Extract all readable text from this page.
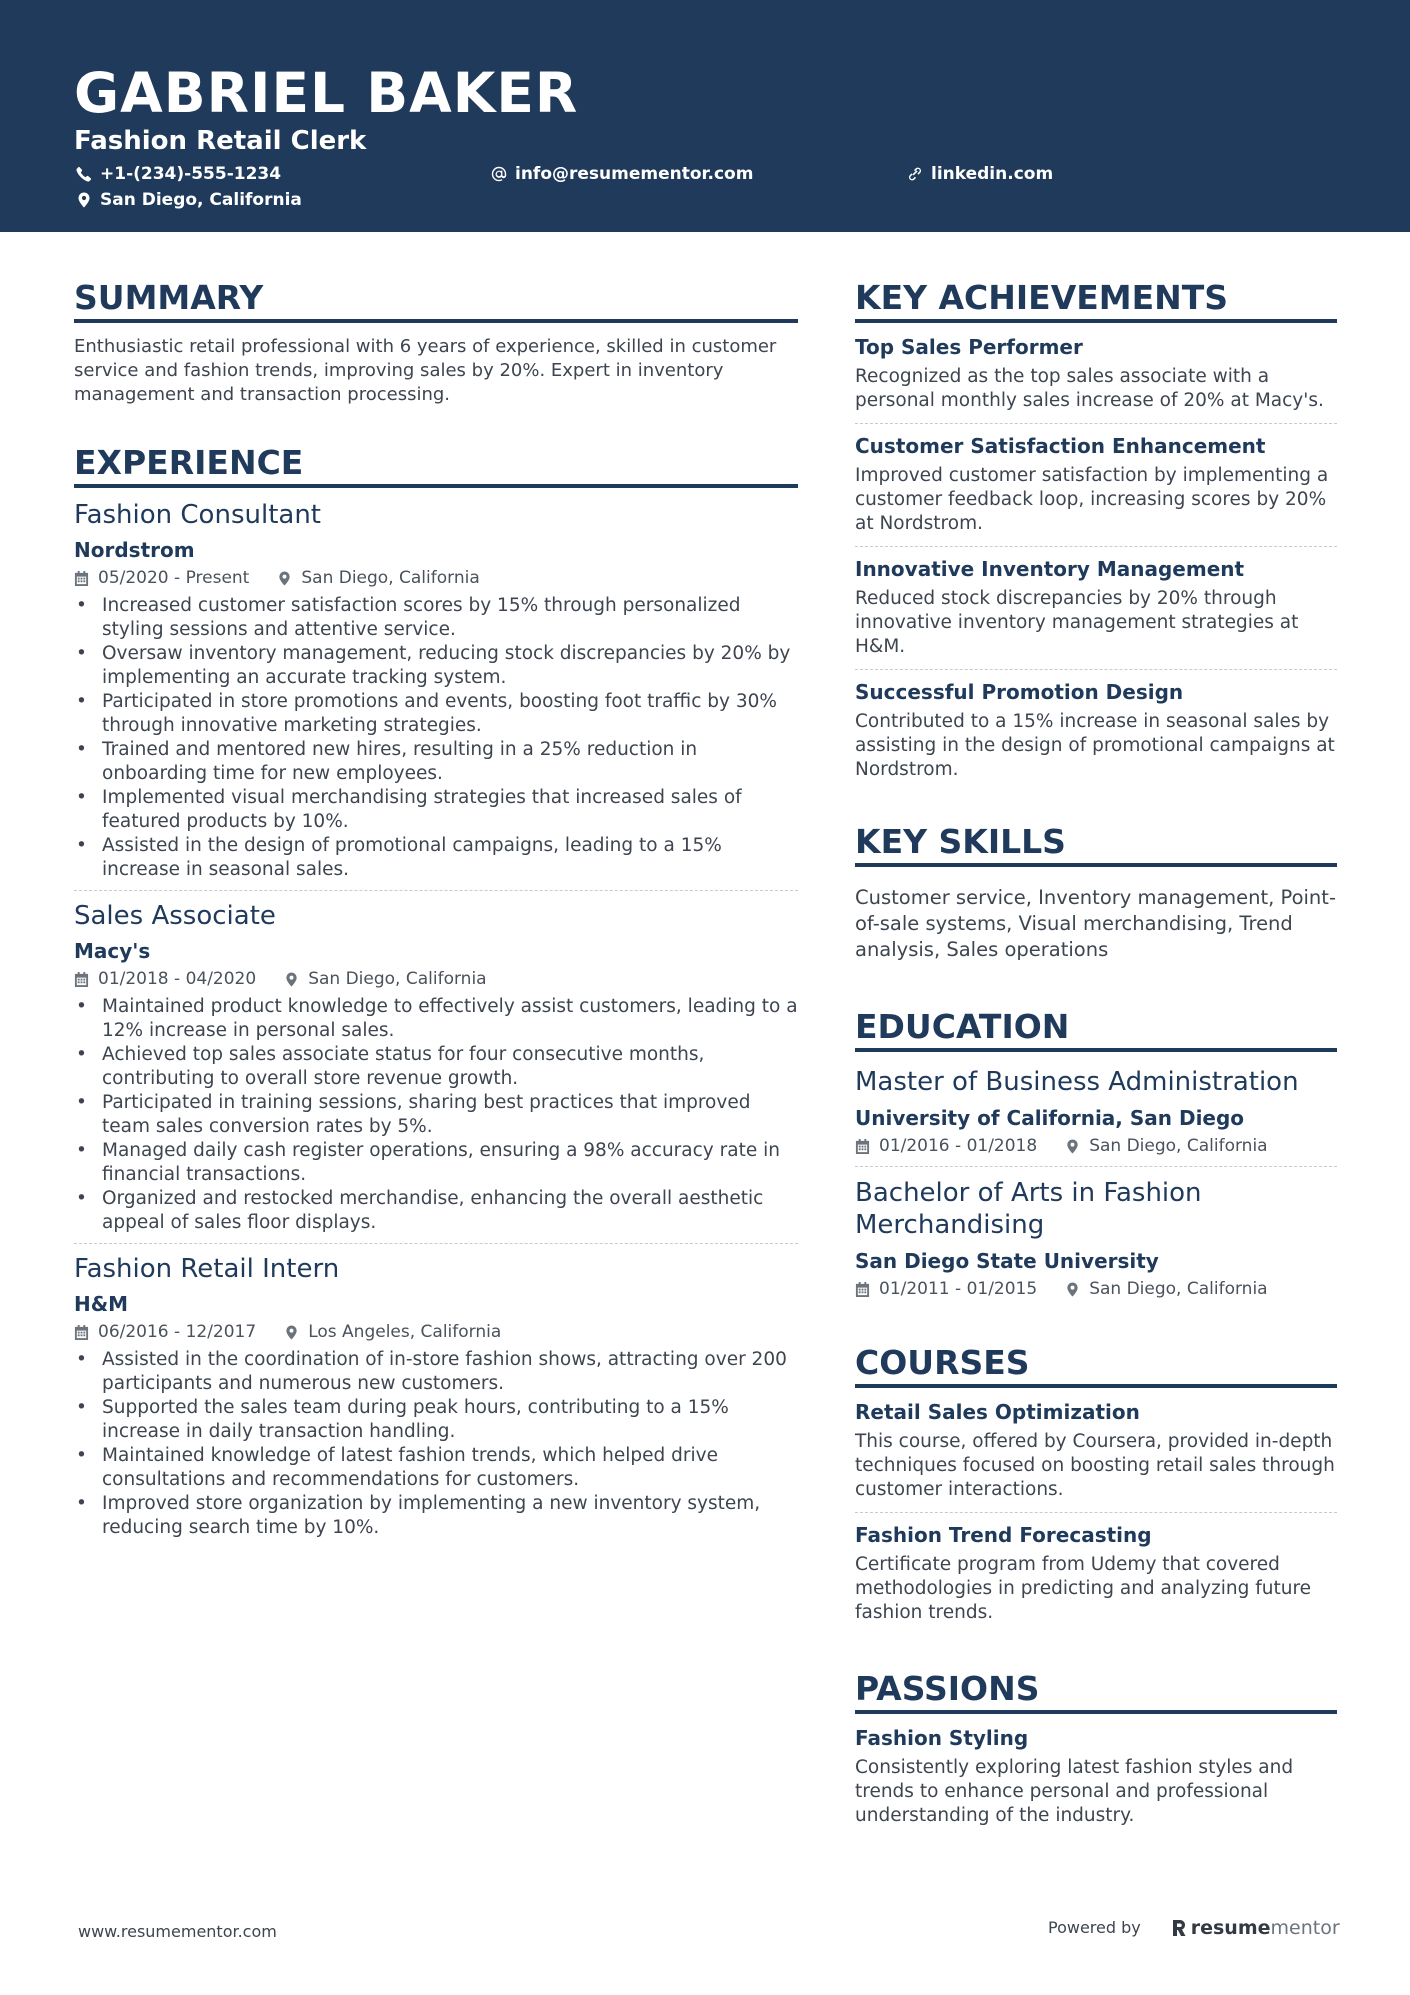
GABRIEL BAKER
Fashion Retail Clerk
+1-(234)-555-1234	info@resumementor.com	linkedin.com
San Diego, California
SUMMARY
Enthusiastic retail professional with 6 years of experience, skilled in customer service and fashion trends, improving sales by 20%. Expert in inventory management and transaction processing.
EXPERIENCE
Fashion Consultant
Nordstrom
05/2020 - Present	San Diego, California
• Increased customer satisfaction scores by 15% through personalized styling sessions and attentive service.
• Oversaw inventory management, reducing stock discrepancies by 20% by implementing an accurate tracking system.
• Participated in store promotions and events, boosting foot traffic by 30% through innovative marketing strategies.
• Trained and mentored new hires, resulting in a 25% reduction in onboarding time for new employees.
• Implemented visual merchandising strategies that increased sales of featured products by 10%.
• Assisted in the design of promotional campaigns, leading to a 15% increase in seasonal sales.
Sales Associate
Macy's
01/2018 - 04/2020	San Diego, California
• Maintained product knowledge to effectively assist customers, leading to a 12% increase in personal sales.
• Achieved top sales associate status for four consecutive months, contributing to overall store revenue growth.
• Participated in training sessions, sharing best practices that improved team sales conversion rates by 5%.
• Managed daily cash register operations, ensuring a 98% accuracy rate in financial transactions.
• Organized and restocked merchandise, enhancing the overall aesthetic appeal of sales floor displays.
Fashion Retail Intern
H&M
06/2016 - 12/2017	Los Angeles, California
• Assisted in the coordination of in-store fashion shows, attracting over 200 participants and numerous new customers.
• Supported the sales team during peak hours, contributing to a 15% increase in daily transaction handling.
• Maintained knowledge of latest fashion trends, which helped drive consultations and recommendations for customers.
• Improved store organization by implementing a new inventory system, reducing search time by 10%.
KEY ACHIEVEMENTS
Top Sales Performer
Recognized as the top sales associate with a personal monthly sales increase of 20% at Macy's.
Customer Satisfaction Enhancement
Improved customer satisfaction by implementing a customer feedback loop, increasing scores by 20% at Nordstrom.
Innovative Inventory Management
Reduced stock discrepancies by 20% through innovative inventory management strategies at H&M.
Successful Promotion Design
Contributed to a 15% increase in seasonal sales by assisting in the design of promotional campaigns at Nordstrom.
KEY SKILLS
Customer service, Inventory management, Point-of-sale systems, Visual merchandising, Trend analysis, Sales operations
EDUCATION
Master of Business Administration
University of California, San Diego
01/2016 - 01/2018	San Diego, California
Bachelor of Arts in Fashion Merchandising
San Diego State University
01/2011 - 01/2015	San Diego, California
COURSES
Retail Sales Optimization
This course, offered by Coursera, provided in-depth techniques focused on boosting retail sales through customer interactions.
Fashion Trend Forecasting
Certificate program from Udemy that covered methodologies in predicting and analyzing future fashion trends.
PASSIONS
Fashion Styling
Consistently exploring latest fashion styles and trends to enhance personal and professional understanding of the industry.
www.resumementor.com	Powered by	resume mentor
